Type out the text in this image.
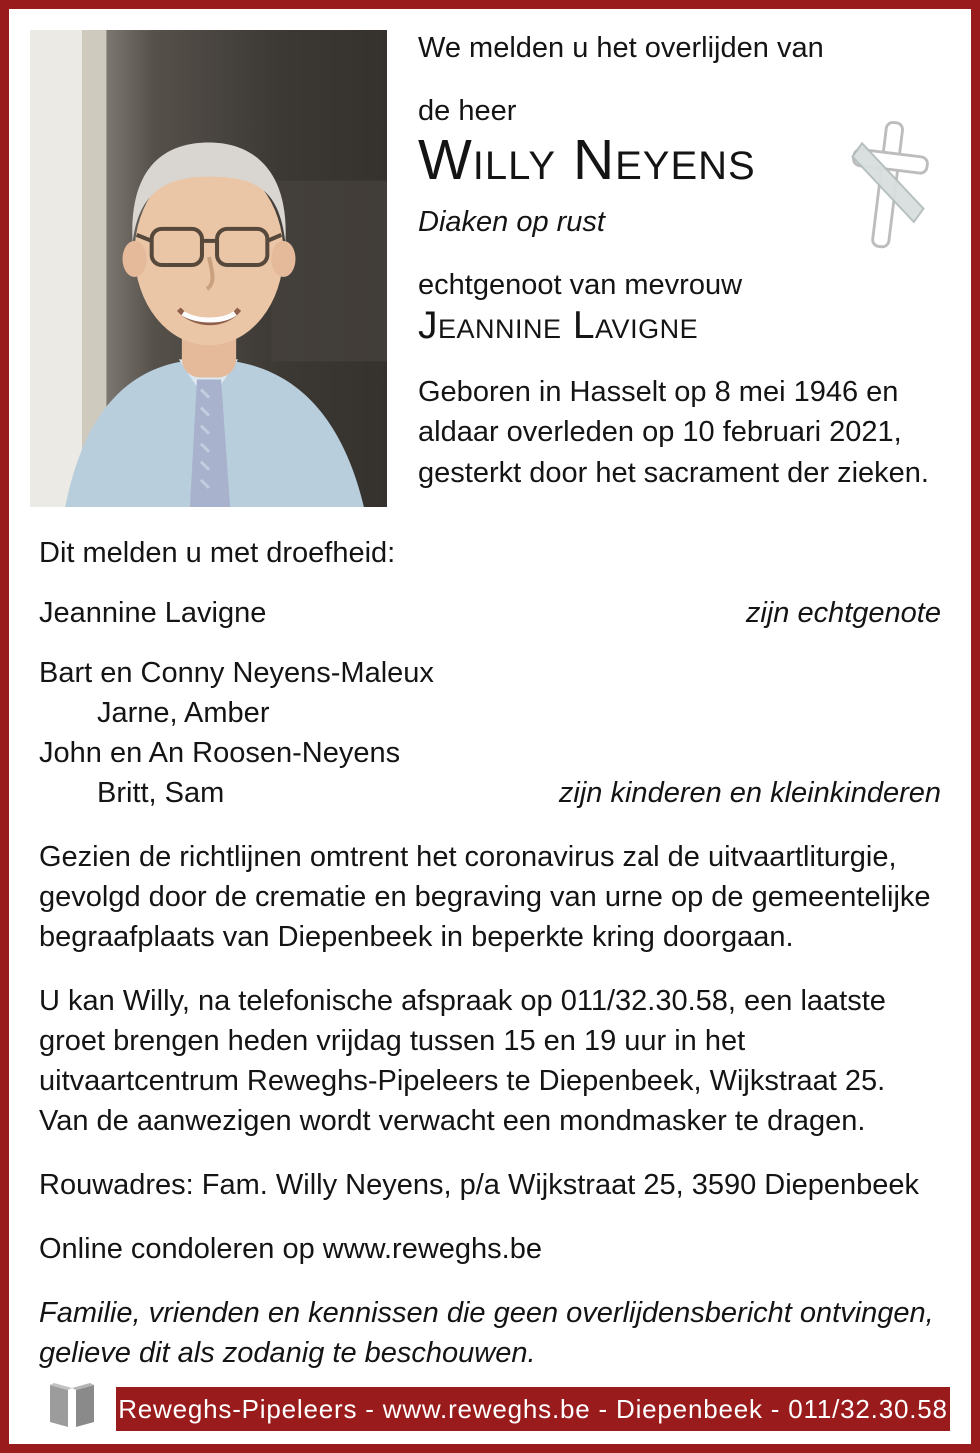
We melden u het overlijden van
de heer
Willy Neyens
Diaken op rust
echtgenoot van mevrouw
Jeannine Lavigne
Geboren in Hasselt op 8 mei 1946 en aldaar overleden op 10 februari 2021, gesterkt door het sacrament der zieken.
Dit melden u met droefheid:
Jeannine Lavigne	zijn echtgenote
Bart en Conny Neyens-Maleux
Jarne, Amber
John en An Roosen-Neyens
Britt, Sam	zijn kinderen en kleinkinderen
Gezien de richtlijnen omtrent het coronavirus zal de uitvaartliturgie, gevolgd door de crematie en begraving van urne op de gemeentelijke begraafplaats van Diepenbeek in beperkte kring doorgaan.
U kan Willy, na telefonische afspraak op 011/32.30.58, een laatste groet brengen heden vrijdag tussen 15 en 19 uur in het uitvaartcentrum Reweghs-Pipeleers te Diepenbeek, Wijkstraat 25. Van de aanwezigen wordt verwacht een mondmasker te dragen.
Rouwadres: Fam. Willy Neyens, p/a Wijkstraat 25, 3590 Diepenbeek
Online condoleren op www.reweghs.be
Familie, vrienden en kennissen die geen overlijdensbericht ontvingen, gelieve dit als zodanig te beschouwen.
Reweghs-Pipeleers - www.reweghs.be - Diepenbeek - 011/32.30.58
